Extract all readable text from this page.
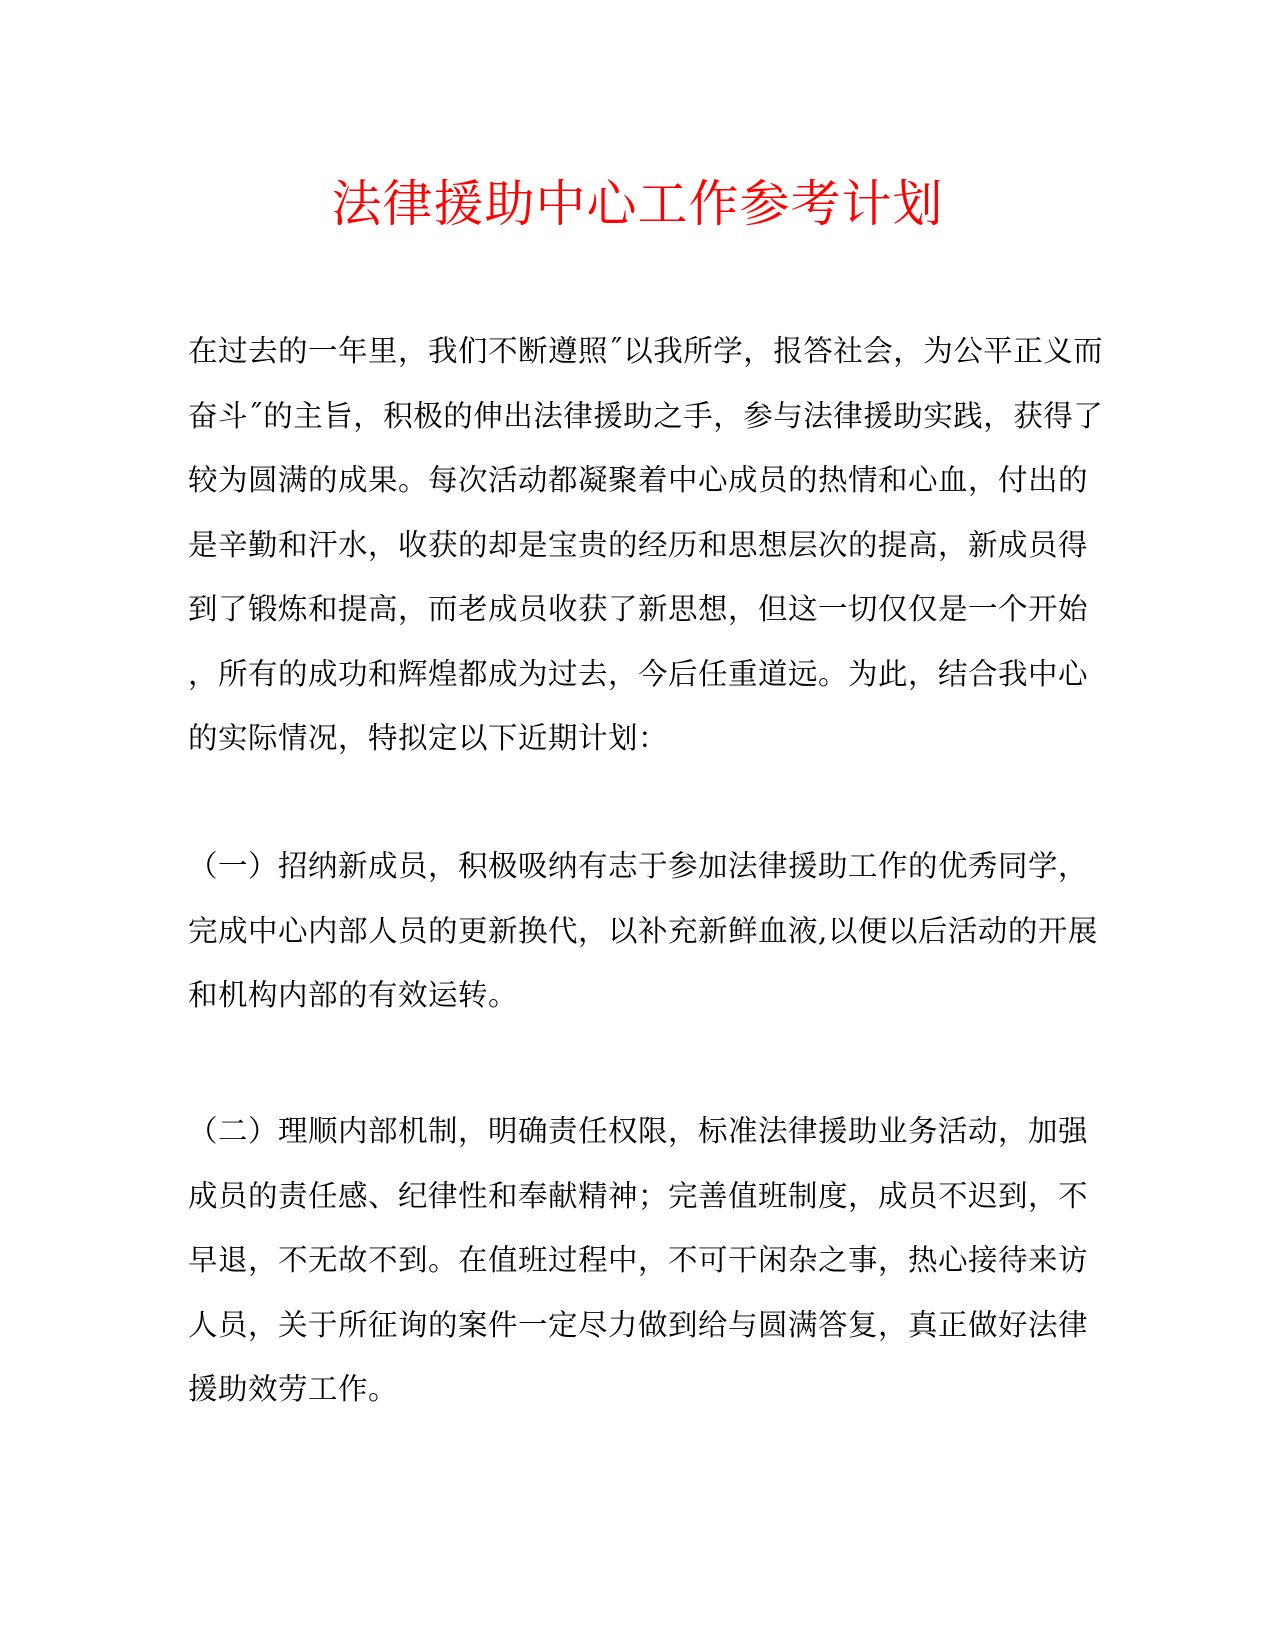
法律援助中心工作参考计划
在过去的一年里，我们不断遵照˝以我所学，报答社会，为公平正义而
奋斗˝的主旨，积极的伸出法律援助之手，参与法律援助实践，获得了
较为圆满的成果。每次活动都凝聚着中心成员的热情和心血，付出的
是辛勤和汗水，收获的却是宝贵的经历和思想层次的提高，新成员得
到了锻炼和提高，而老成员收获了新思想，但这一切仅仅是一个开始
，所有的成功和辉煌都成为过去，今后任重道远。为此，结合我中心
的实际情况，特拟定以下近期计划：
（一）招纳新成员，积极吸纳有志于参加法律援助工作的优秀同学，
完成中心内部人员的更新换代，以补充新鲜血液,以便以后活动的开展
和机构内部的有效运转。
（二）理顺内部机制，明确责任权限，标准法律援助业务活动，加强
成员的责任感、纪律性和奉献精神；完善值班制度，成员不迟到，不
早退，不无故不到。在值班过程中，不可干闲杂之事，热心接待来访
人员，关于所征询的案件一定尽力做到给与圆满答复，真正做好法律
援助效劳工作。
